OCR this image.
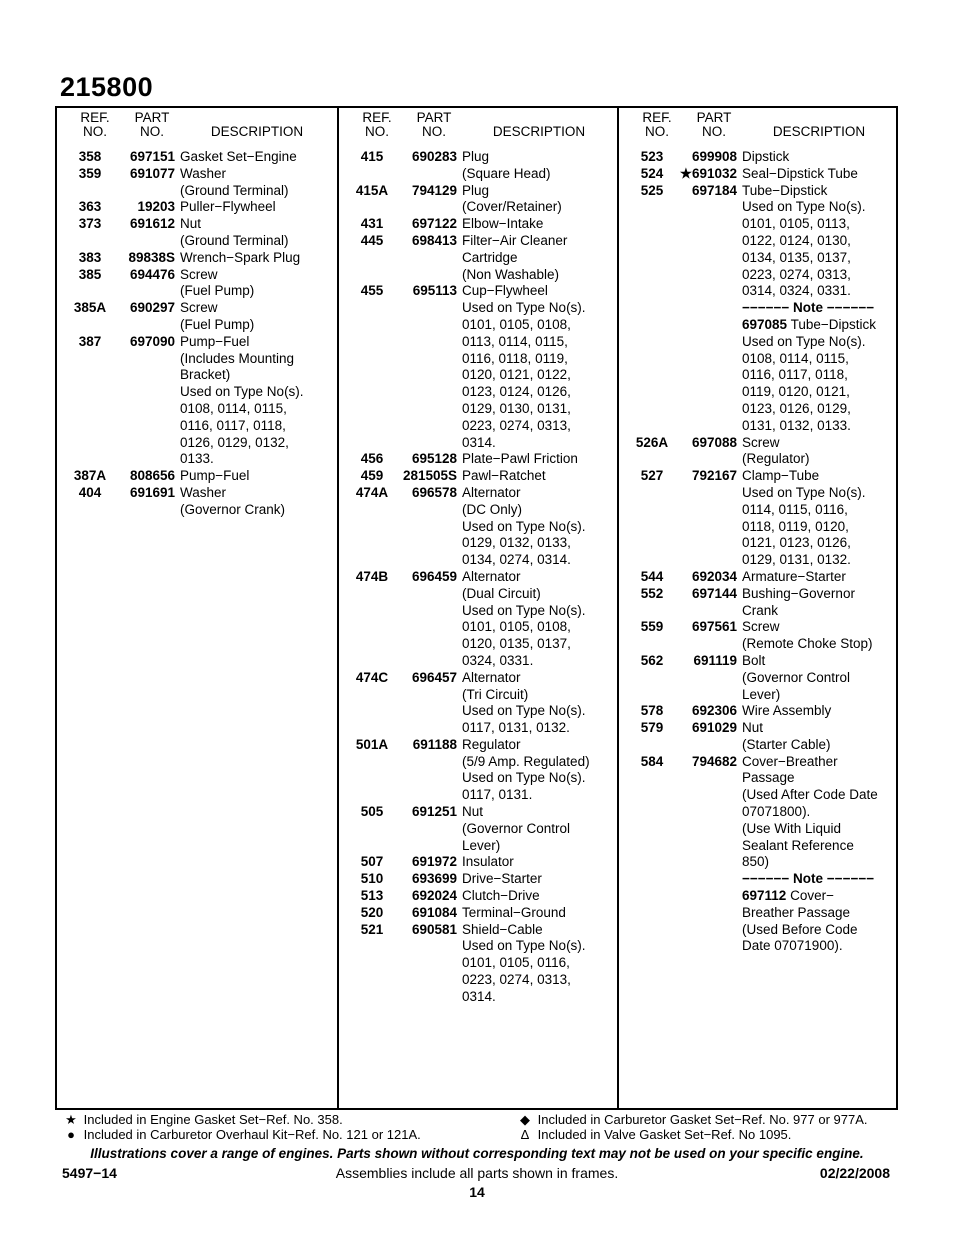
215800
REF.
NO.
PART
NO.	DESCRIPTION
358	697151 Gasket Set−Engine
359	691077 Washer
(Ground Terminal)
363	19203 Puller−Flywheel
373	691612 Nut
(Ground Terminal)
383	89838S Wrench−Spark Plug
385	694476 Screw
(Fuel Pump)
385A	690297 Screw
(Fuel Pump)
387	697090 Pump−Fuel
(Includes Mounting
Bracket)
Used on Type No(s).
0108, 0114, 0115,
0116, 0117, 0118,
0126, 0129, 0132,
0133.
387A	808656 Pump−Fuel
404	691691 Washer
(Governor Crank)
REF.
NO.
PART
NO.	DESCRIPTION
415	690283 Plug
(Square Head)
415A	794129 Plug
(Cover/Retainer)
431	697122 Elbow−Intake
445	698413 Filter−Air Cleaner
Cartridge
(Non Washable)
455	695113 Cup−Flywheel
Used on Type No(s).
0101, 0105, 0108,
0113, 0114, 0115,
0116, 0118, 0119,
0120, 0121, 0122,
0123, 0124, 0126,
0129, 0130, 0131,
0223, 0274, 0313,
0314.
456	695128 Plate−Pawl Friction
459	281505S Pawl−Ratchet
474A	696578 Alternator
(DC Only)
Used on Type No(s).
0129, 0132, 0133,
0134, 0274, 0314.
474B	696459 Alternator
(Dual Circuit)
Used on Type No(s).
0101, 0105, 0108,
0120, 0135, 0137,
0324, 0331.
474C	696457 Alternator
(Tri Circuit)
Used on Type No(s).
0117, 0131, 0132.
501A	691188 Regulator
(5/9 Amp. Regulated)
Used on Type No(s).
0117, 0131.
505	691251 Nut
(Governor Control
Lever)
507	691972 Insulator
510	693699 Drive−Starter
513	692024 Clutch−Drive
520	691084 Terminal−Ground
521	690581 Shield−Cable
Used on Type No(s).
0101, 0105, 0116,
0223, 0274, 0313,
0314.
REF.
NO.
PART
NO.	DESCRIPTION
523	699908 Dipstick
524	★691032 Seal−Dipstick Tube
525	697184 Tube−Dipstick
Used on Type No(s).
0101, 0105, 0113,
0122, 0124, 0130,
0134, 0135, 0137,
0223, 0274, 0313,
0314, 0324, 0331.
−−−−−− Note −−−−−−
697085 Tube−Dipstick
Used on Type No(s).
0108, 0114, 0115,
0116, 0117, 0118,
0119, 0120, 0121,
0123, 0126, 0129,
0131, 0132, 0133.
526A	697088 Screw
(Regulator)
527	792167 Clamp−Tube
Used on Type No(s).
0114, 0115, 0116,
0118, 0119, 0120,
0121, 0123, 0126,
0129, 0131, 0132.
544	692034 Armature−Starter
552	697144 Bushing−Governor
Crank
559	697561 Screw
(Remote Choke Stop)
562	691119 Bolt
(Governor Control
Lever)
578	692306 Wire Assembly
579	691029 Nut
(Starter Cable)
584	794682 Cover−Breather
Passage
(Used After Code Date
07071800).
(Use With Liquid
Sealant Reference
850)
−−−−−− Note −−−−−−
697112 Cover−
Breather Passage
(Used Before Code
Date 07071900).
★ Included in Engine Gasket Set−Ref. No. 358.
● Included in Carburetor Overhaul Kit−Ref. No. 121 or 121A.
◆ Included in Carburetor Gasket Set−Ref. No. 977 or 977A.
∆ Included in Valve Gasket Set−Ref. No 1095.
Illustrations cover a range of engines. Parts shown without corresponding text may not be used on your specific engine.
5497−14	Assemblies include all parts shown in frames.	02/22/2008
14
